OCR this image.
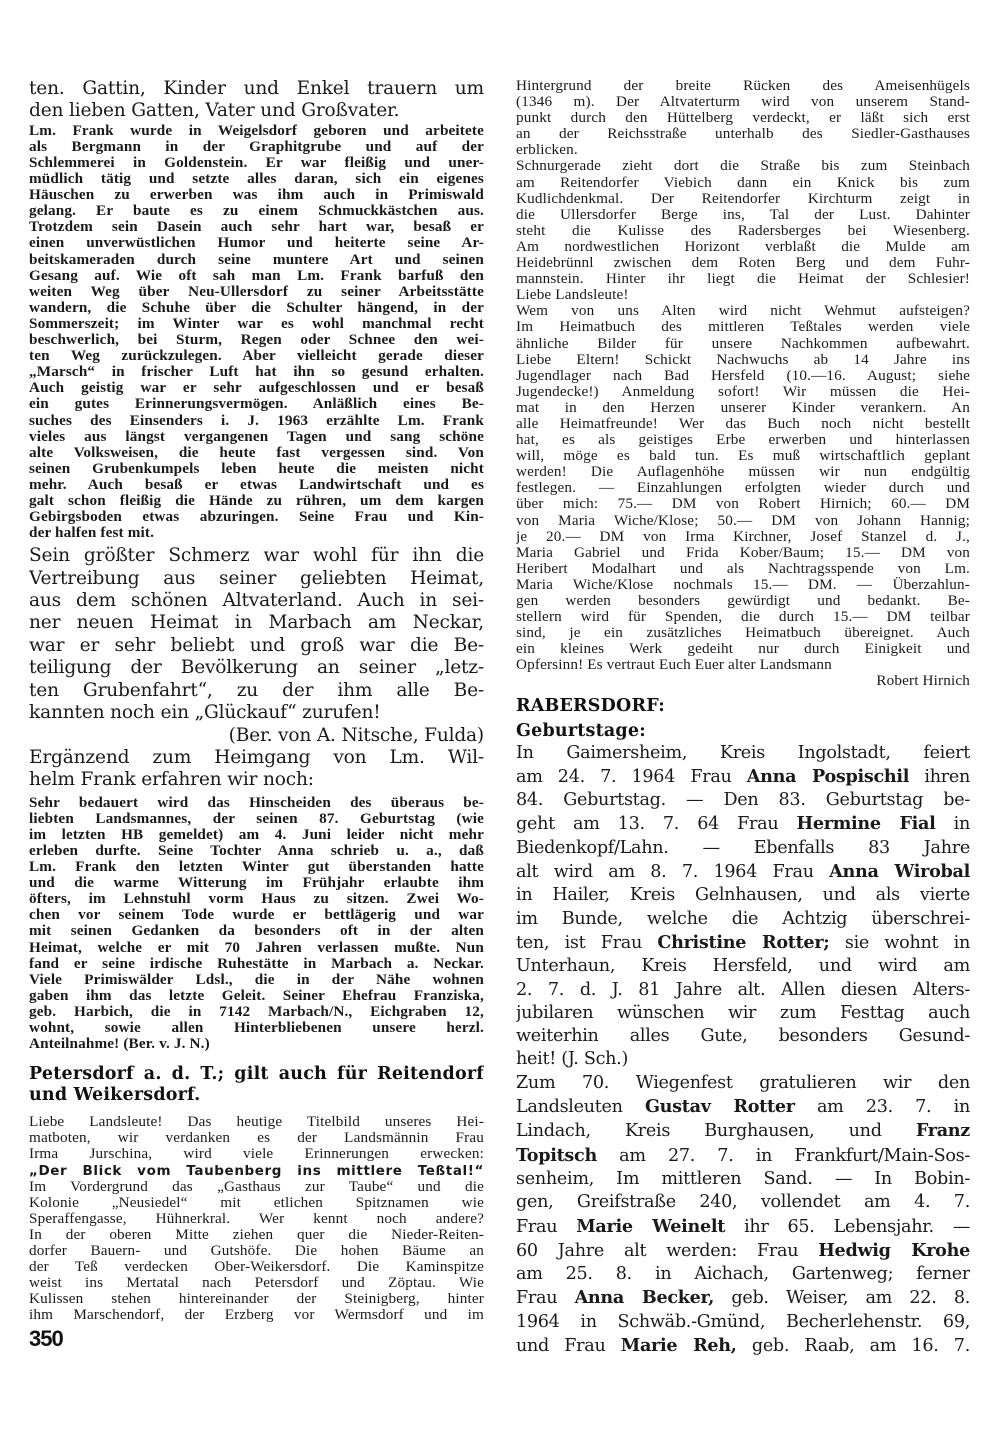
ten. Gattin, Kinder und Enkel trauern um
den lieben Gatten, Vater und Großvater.
Lm. Frank wurde in Weigelsdorf geboren und arbeitete
als Bergmann in der Graphitgrube und auf der
Schlemmerei in Goldenstein. Er war fleißig und uner-
müdlich tätig und setzte alles daran, sich ein eigenes
Häuschen zu erwerben was ihm auch in Primiswald
gelang. Er baute es zu einem Schmuckkästchen aus.
Trotzdem sein Dasein auch sehr hart war, besaß er
einen unverwüstlichen Humor und heiterte seine Ar-
beitskameraden durch seine muntere Art und seinen
Gesang auf. Wie oft sah man Lm. Frank barfuß den
weiten Weg über Neu-Ullersdorf zu seiner Arbeitsstätte
wandern, die Schuhe über die Schulter hängend, in der
Sommerszeit; im Winter war es wohl manchmal recht
beschwerlich, bei Sturm, Regen oder Schnee den wei-
ten Weg zurückzulegen. Aber vielleicht gerade dieser
„Marsch“ in frischer Luft hat ihn so gesund erhalten.
Auch geistig war er sehr aufgeschlossen und er besaß
ein gutes Erinnerungsvermögen. Anläßlich eines Be-
suches des Einsenders i. J. 1963 erzählte Lm. Frank
vieles aus längst vergangenen Tagen und sang schöne
alte Volksweisen, die heute fast vergessen sind. Von
seinen Grubenkumpels leben heute die meisten nicht
mehr. Auch besaß er etwas Landwirtschaft und es
galt schon fleißig die Hände zu rühren, um dem kargen
Gebirgsboden etwas abzuringen. Seine Frau und Kin-
der halfen fest mit.
Sein größter Schmerz war wohl für ihn die
Vertreibung aus seiner geliebten Heimat,
aus dem schönen Altvaterland. Auch in sei-
ner neuen Heimat in Marbach am Neckar,
war er sehr beliebt und groß war die Be-
teiligung der Bevölkerung an seiner „letz-
ten Grubenfahrt“, zu der ihm alle Be-
kannten noch ein „Glückauf“ zurufen!
(Ber. von A. Nitsche, Fulda)
Ergänzend zum Heimgang von Lm. Wil-
helm Frank erfahren wir noch:
Sehr bedauert wird das Hinscheiden des überaus be-
liebten Landsmannes, der seinen 87. Geburtstag (wie
im letzten HB gemeldet) am 4. Juni leider nicht mehr
erleben durfte. Seine Tochter Anna schrieb u. a., daß
Lm. Frank den letzten Winter gut überstanden hatte
und die warme Witterung im Frühjahr erlaubte ihm
öfters, im Lehnstuhl vorm Haus zu sitzen. Zwei Wo-
chen vor seinem Tode wurde er bettlägerig und war
mit seinen Gedanken da besonders oft in der alten
Heimat, welche er mit 70 Jahren verlassen mußte. Nun
fand er seine irdische Ruhestätte in Marbach a. Neckar.
Viele Primiswälder Ldsl., die in der Nähe wohnen
gaben ihm das letzte Geleit. Seiner Ehefrau Franziska,
geb. Harbich, die in 7142 Marbach/N., Eichgraben 12,
wohnt, sowie allen Hinterbliebenen unsere herzl.
Anteilnahme! (Ber. v. J. N.)
Petersdorf a. d. T.; gilt auch für Reitendorf
und Weikersdorf.
Liebe Landsleute! Das heutige Titelbild unseres Hei-
matboten, wir verdanken es der Landsmännin Frau
Irma Jurschina, wird viele Erinnerungen erwecken:
„Der Blick vom Taubenberg ins mittlere Teßtal!“
Im Vordergrund das „Gasthaus zur Taube“ und die
Kolonie „Neusiedel“ mit etlichen Spitznamen wie
Speraffengasse, Hühnerkral. Wer kennt noch andere?
In der oberen Mitte ziehen quer die Nieder-Reiten-
dorfer Bauern- und Gutshöfe. Die hohen Bäume an
der Teß verdecken Ober-Weikersdorf. Die Kaminspitze
weist ins Mertatal nach Petersdorf und Zöptau. Wie
Kulissen stehen hintereinander der Steinigberg, hinter
ihm Marschendorf, der Erzberg vor Wermsdorf und im
Hintergrund der breite Rücken des Ameisenhügels
(1346 m). Der Altvaterturm wird von unserem Stand-
punkt durch den Hüttelberg verdeckt, er läßt sich erst
an der Reichsstraße unterhalb des Siedler-Gasthauses
erblicken.
Schnurgerade zieht dort die Straße bis zum Steinbach
am Reitendorfer Viebich dann ein Knick bis zum
Kudlichdenkmal. Der Reitendorfer Kirchturm zeigt in
die Ullersdorfer Berge ins, Tal der Lust. Dahinter
steht die Kulisse des Radersberges bei Wiesenberg.
Am nordwestlichen Horizont verblaßt die Mulde am
Heidebrünnl zwischen dem Roten Berg und dem Fuhr-
mannstein. Hinter ihr liegt die Heimat der Schlesier!
Liebe Landsleute!
Wem von uns Alten wird nicht Wehmut aufsteigen?
Im Heimatbuch des mittleren Teßtales werden viele
ähnliche Bilder für unsere Nachkommen aufbewahrt.
Liebe Eltern! Schickt Nachwuchs ab 14 Jahre ins
Jugendlager nach Bad Hersfeld (10.—16. August; siehe
Jugendecke!) Anmeldung sofort! Wir müssen die Hei-
mat in den Herzen unserer Kinder verankern. An
alle Heimatfreunde! Wer das Buch noch nicht bestellt
hat, es als geistiges Erbe erwerben und hinterlassen
will, möge es bald tun. Es muß wirtschaftlich geplant
werden! Die Auflagenhöhe müssen wir nun endgültig
festlegen. — Einzahlungen erfolgten wieder durch und
über mich: 75.— DM von Robert Hirnich; 60.— DM
von Maria Wiche/Klose; 50.— DM von Johann Hannig;
je 20.— DM von Irma Kirchner, Josef Stanzel d. J.,
Maria Gabriel und Frida Kober/Baum; 15.— DM von
Heribert Modalhart und als Nachtragsspende von Lm.
Maria Wiche/Klose nochmals 15.— DM. — Überzahlun-
gen werden besonders gewürdigt und bedankt. Be-
stellern wird für Spenden, die durch 15.— DM teilbar
sind, je ein zusätzliches Heimatbuch übereignet. Auch
ein kleines Werk gedeiht nur durch Einigkeit und
Opfersinn! Es vertraut Euch Euer alter Landsmann
Robert Hirnich
RABERSDORF:
Geburtstage:
In Gaimersheim, Kreis Ingolstadt, feiert
am 24. 7. 1964 Frau Anna Pospischil ihren
84. Geburtstag. — Den 83. Geburtstag be-
geht am 13. 7. 64 Frau Hermine Fial in
Biedenkopf/Lahn. — Ebenfalls 83 Jahre
alt wird am 8. 7. 1964 Frau Anna Wirobal
in Hailer, Kreis Gelnhausen, und als vierte
im Bunde, welche die Achtzig überschrei-
ten, ist Frau Christine Rotter; sie wohnt in
Unterhaun, Kreis Hersfeld, und wird am
2. 7. d. J. 81 Jahre alt. Allen diesen Alters-
jubilaren wünschen wir zum Festtag auch
weiterhin alles Gute, besonders Gesund-
heit! (J. Sch.)
Zum 70. Wiegenfest gratulieren wir den
Landsleuten Gustav Rotter am 23. 7. in
Lindach, Kreis Burghausen, und Franz
Topitsch am 27. 7. in Frankfurt/Main-Sos-
senheim, Im mittleren Sand. — In Bobin-
gen, Greifstraße 240, vollendet am 4. 7.
Frau Marie Weinelt ihr 65. Lebensjahr. —
60 Jahre alt werden: Frau Hedwig Krohe
am 25. 8. in Aichach, Gartenweg; ferner
Frau Anna Becker, geb. Weiser, am 22. 8.
1964 in Schwäb.-Gmünd, Becherlehenstr. 69,
und Frau Marie Reh, geb. Raab, am 16. 7.
350
